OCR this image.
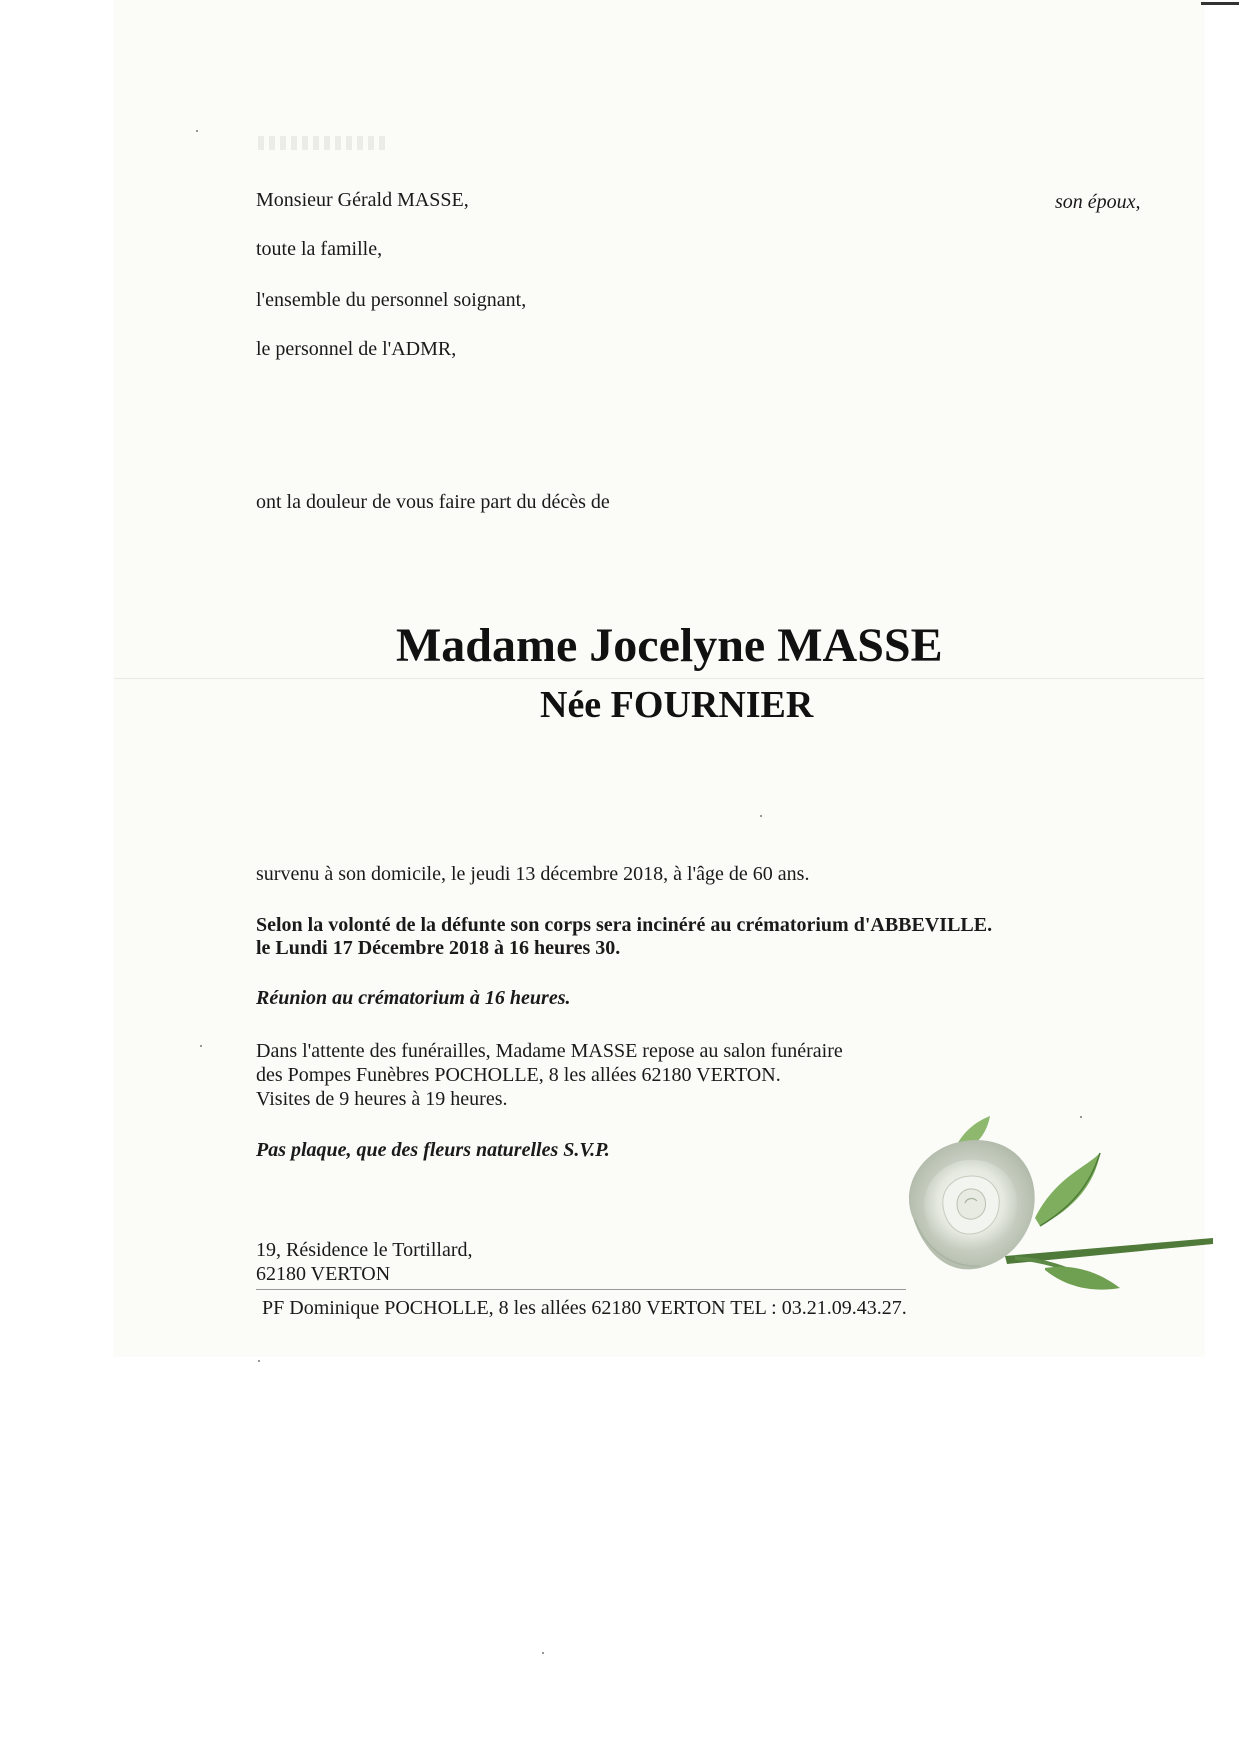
Monsieur Gérald MASSE,	son époux,
toute la famille,
l'ensemble du personnel soignant,
le personnel de l'ADMR,
ont la douleur de vous faire part du décès de
Madame Jocelyne MASSE
Née FOURNIER
survenu à son domicile, le jeudi 13 décembre 2018, à l'âge de 60 ans.
Selon la volonté de la défunte son corps sera incinéré au crématorium d'ABBEVILLE.
le Lundi 17 Décembre 2018 à 16 heures 30.
Réunion au crématorium à 16 heures.
Dans l'attente des funérailles, Madame MASSE repose au salon funéraire
des Pompes Funèbres POCHOLLE, 8 les allées 62180 VERTON.
Visites de 9 heures à 19 heures.
Pas plaque, que des fleurs naturelles S.V.P.
19, Résidence le Tortillard,
62180 VERTON
PF Dominique POCHOLLE, 8 les allées 62180 VERTON TEL : 03.21.09.43.27.
